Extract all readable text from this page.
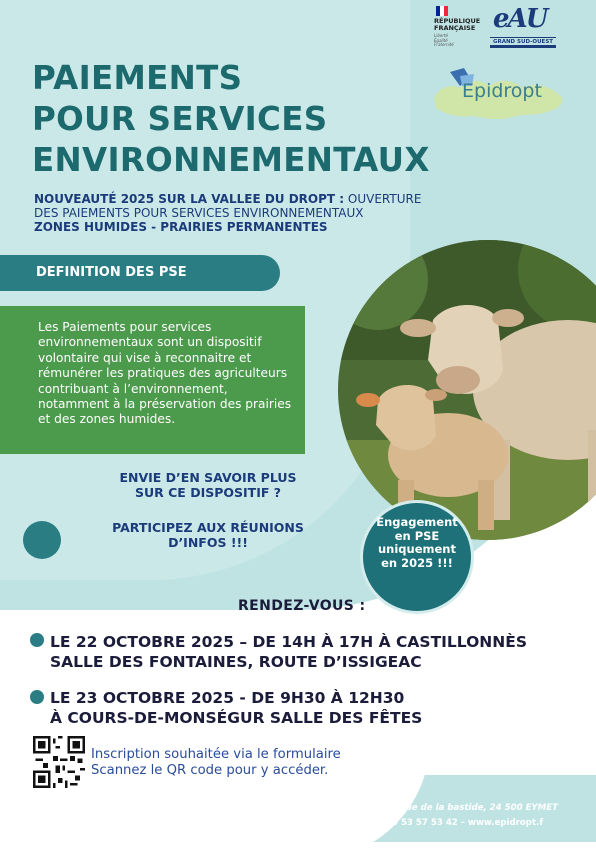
RÉPUBLIQUE
FRANÇAISE
Liberté
Égalité
Fraternité
eAU
GRAND SUD-OUEST
Epidropt
PAIEMENTS
POUR SERVICES
ENVIRONNEMENTAUX
NOUVEAUTÉ 2025 SUR LA VALLEE DU DROPT : OUVERTURE
DES PAIEMENTS POUR SERVICES ENVIRONNEMENTAUX
ZONES HUMIDES - PRAIRIES PERMANENTES
DEFINITION DES PSE
Les Paiements pour services environnementaux sont un dispositif volontaire qui vise à reconnaitre et rémunérer les pratiques des agriculteurs contribuant à l’environnement, notamment à la préservation des prairies et des zones humides.
ENVIE D’EN SAVOIR PLUS
SUR CE DISPOSITIF ?
PARTICIPEZ AUX RÉUNIONS
D’INFOS !!!
Engagement
en PSE
uniquement
en 2025 !!!
RENDEZ-VOUS :
LE 22 OCTOBRE 2025 – DE 14H À 17H À CASTILLONNÈS
SALLE DES FONTAINES, ROUTE D’ISSIGEAC
LE 23 OCTOBRE 2025 - DE 9H30 À 12H30
À COURS-DE-MONSÉGUR SALLE DES FÊTES
Inscription souhaitée via le formulaire
Scannez le QR code pour y accéder.
23 Avenue de la bastide, 24 500 EYMET
05 53 57 53 42 – www.epidropt.f
